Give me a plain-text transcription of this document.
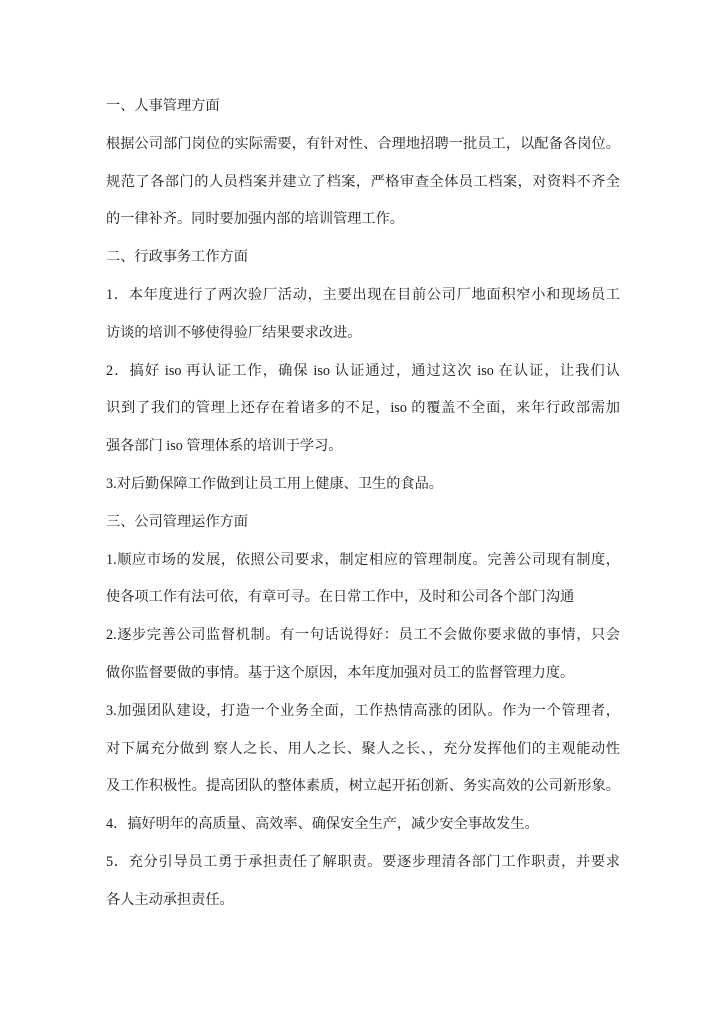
一、人事管理方面
根据公司部门岗位的实际需要，有针对性、合理地招聘一批员工，以配备各岗位。
规范了各部门的人员档案并建立了档案，严格审查全体员工档案，对资料不齐全
的一律补齐。同时要加强内部的培训管理工作。
二、行政事务工作方面
1．本年度进行了两次验厂活动，主要出现在目前公司厂地面积窄小和现场员工
访谈的培训不够使得验厂结果要求改进。
2．搞好 iso 再认证工作，确保 iso 认证通过，通过这次 iso 在认证，让我们认
识到了我们的管理上还存在着诸多的不足，iso 的覆盖不全面，来年行政部需加
强各部门 iso 管理体系的培训于学习。
3.对后勤保障工作做到让员工用上健康、卫生的食品。
三、公司管理运作方面
1.顺应市场的发展，依照公司要求，制定相应的管理制度。完善公司现有制度，
使各项工作有法可依，有章可寻。在日常工作中，及时和公司各个部门沟通
2.逐步完善公司监督机制。有一句话说得好：员工不会做你要求做的事情，只会
做你监督要做的事情。基于这个原因，本年度加强对员工的监督管理力度。
3.加强团队建设，打造一个业务全面，工作热情高涨的团队。作为一个管理者，
对下属充分做到 察人之长、用人之长、聚人之长、，充分发挥他们的主观能动性
及工作积极性。提高团队的整体素质，树立起开拓创新、务实高效的公司新形象。
4．搞好明年的高质量、高效率、确保安全生产，减少安全事故发生。
5．充分引导员工勇于承担责任了解职责。要逐步理清各部门工作职责，并要求
各人主动承担责任。
